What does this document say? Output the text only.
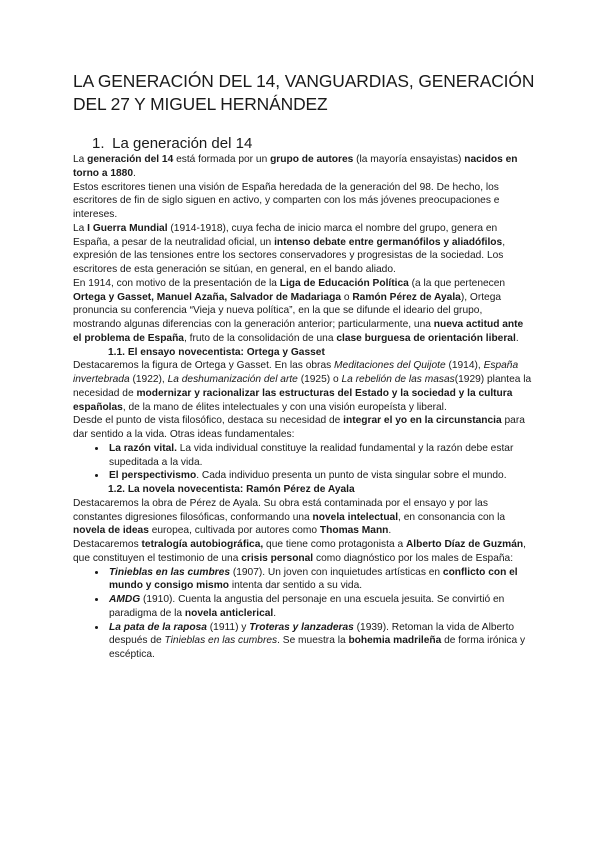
LA GENERACIÓN DEL 14, VANGUARDIAS, GENERACIÓN DEL 27 Y MIGUEL HERNÁNDEZ
1. La generación del 14

La generación del 14 está formada por un grupo de autores (la mayoría ensayistas) nacidos en torno a 1880.

Estos escritores tienen una visión de España heredada de la generación del 98. De hecho, los escritores de fin de siglo siguen en activo, y comparten con los más jóvenes preocupaciones e intereses.

La I Guerra Mundial (1914-1918), cuya fecha de inicio marca el nombre del grupo, genera en España, a pesar de la neutralidad oficial, un intenso debate entre germanófilos y aliadófilos, expresión de las tensiones entre los sectores conservadores y progresistas de la sociedad. Los escritores de esta generación se sitúan, en general, en el bando aliado.

En 1914, con motivo de la presentación de la Liga de Educación Política (a la que pertenecen Ortega y Gasset, Manuel Azaña, Salvador de Madariaga o Ramón Pérez de Ayala), Ortega pronuncia su conferencia “Vieja y nueva política”, en la que se difunde el ideario del grupo, mostrando algunas diferencias con la generación anterior; particularmente, una nueva actitud ante el problema de España, fruto de la consolidación de una clase burguesa de orientación liberal.

1.1. El ensayo novecentista: Ortega y Gasset

Destacaremos la figura de Ortega y Gasset. En las obras Meditaciones del Quijote (1914), España invertebrada (1922), La deshumanización del arte (1925) o La rebelión de las masas(1929) plantea la necesidad de modernizar y racionalizar las estructuras del Estado y la sociedad y la cultura españolas, de la mano de élites intelectuales y con una visión europeísta y liberal.

Desde el punto de vista filosófico, destaca su necesidad de integrar el yo en la circunstancia para dar sentido a la vida. Otras ideas fundamentales:

• La razón vital. La vida individual constituye la realidad fundamental y la razón debe estar supeditada a la vida.
• El perspectivismo. Cada individuo presenta un punto de vista singular sobre el mundo.

1.2. La novela novecentista: Ramón Pérez de Ayala

Destacaremos la obra de Pérez de Ayala. Su obra está contaminada por el ensayo y por las constantes digresiones filosóficas, conformando una novela intelectual, en consonancia con la novela de ideas europea, cultivada por autores como Thomas Mann.

Destacaremos tetralogía autobiográfica, que tiene como protagonista a Alberto Díaz de Guzmán, que constituyen el testimonio de una crisis personal como diagnóstico por los males de España:

• Tinieblas en las cumbres (1907). Un joven con inquietudes artísticas en conflicto con el mundo y consigo mismo intenta dar sentido a su vida.
• AMDG (1910). Cuenta la angustia del personaje en una escuela jesuita. Se convirtió en paradigma de la novela anticlerical.
• La pata de la raposa (1911) y Troteras y lanzaderas (1939). Retoman la vida de Alberto después de Tinieblas en las cumbres. Se muestra la bohemia madrileña de forma irónica y escéptica.
